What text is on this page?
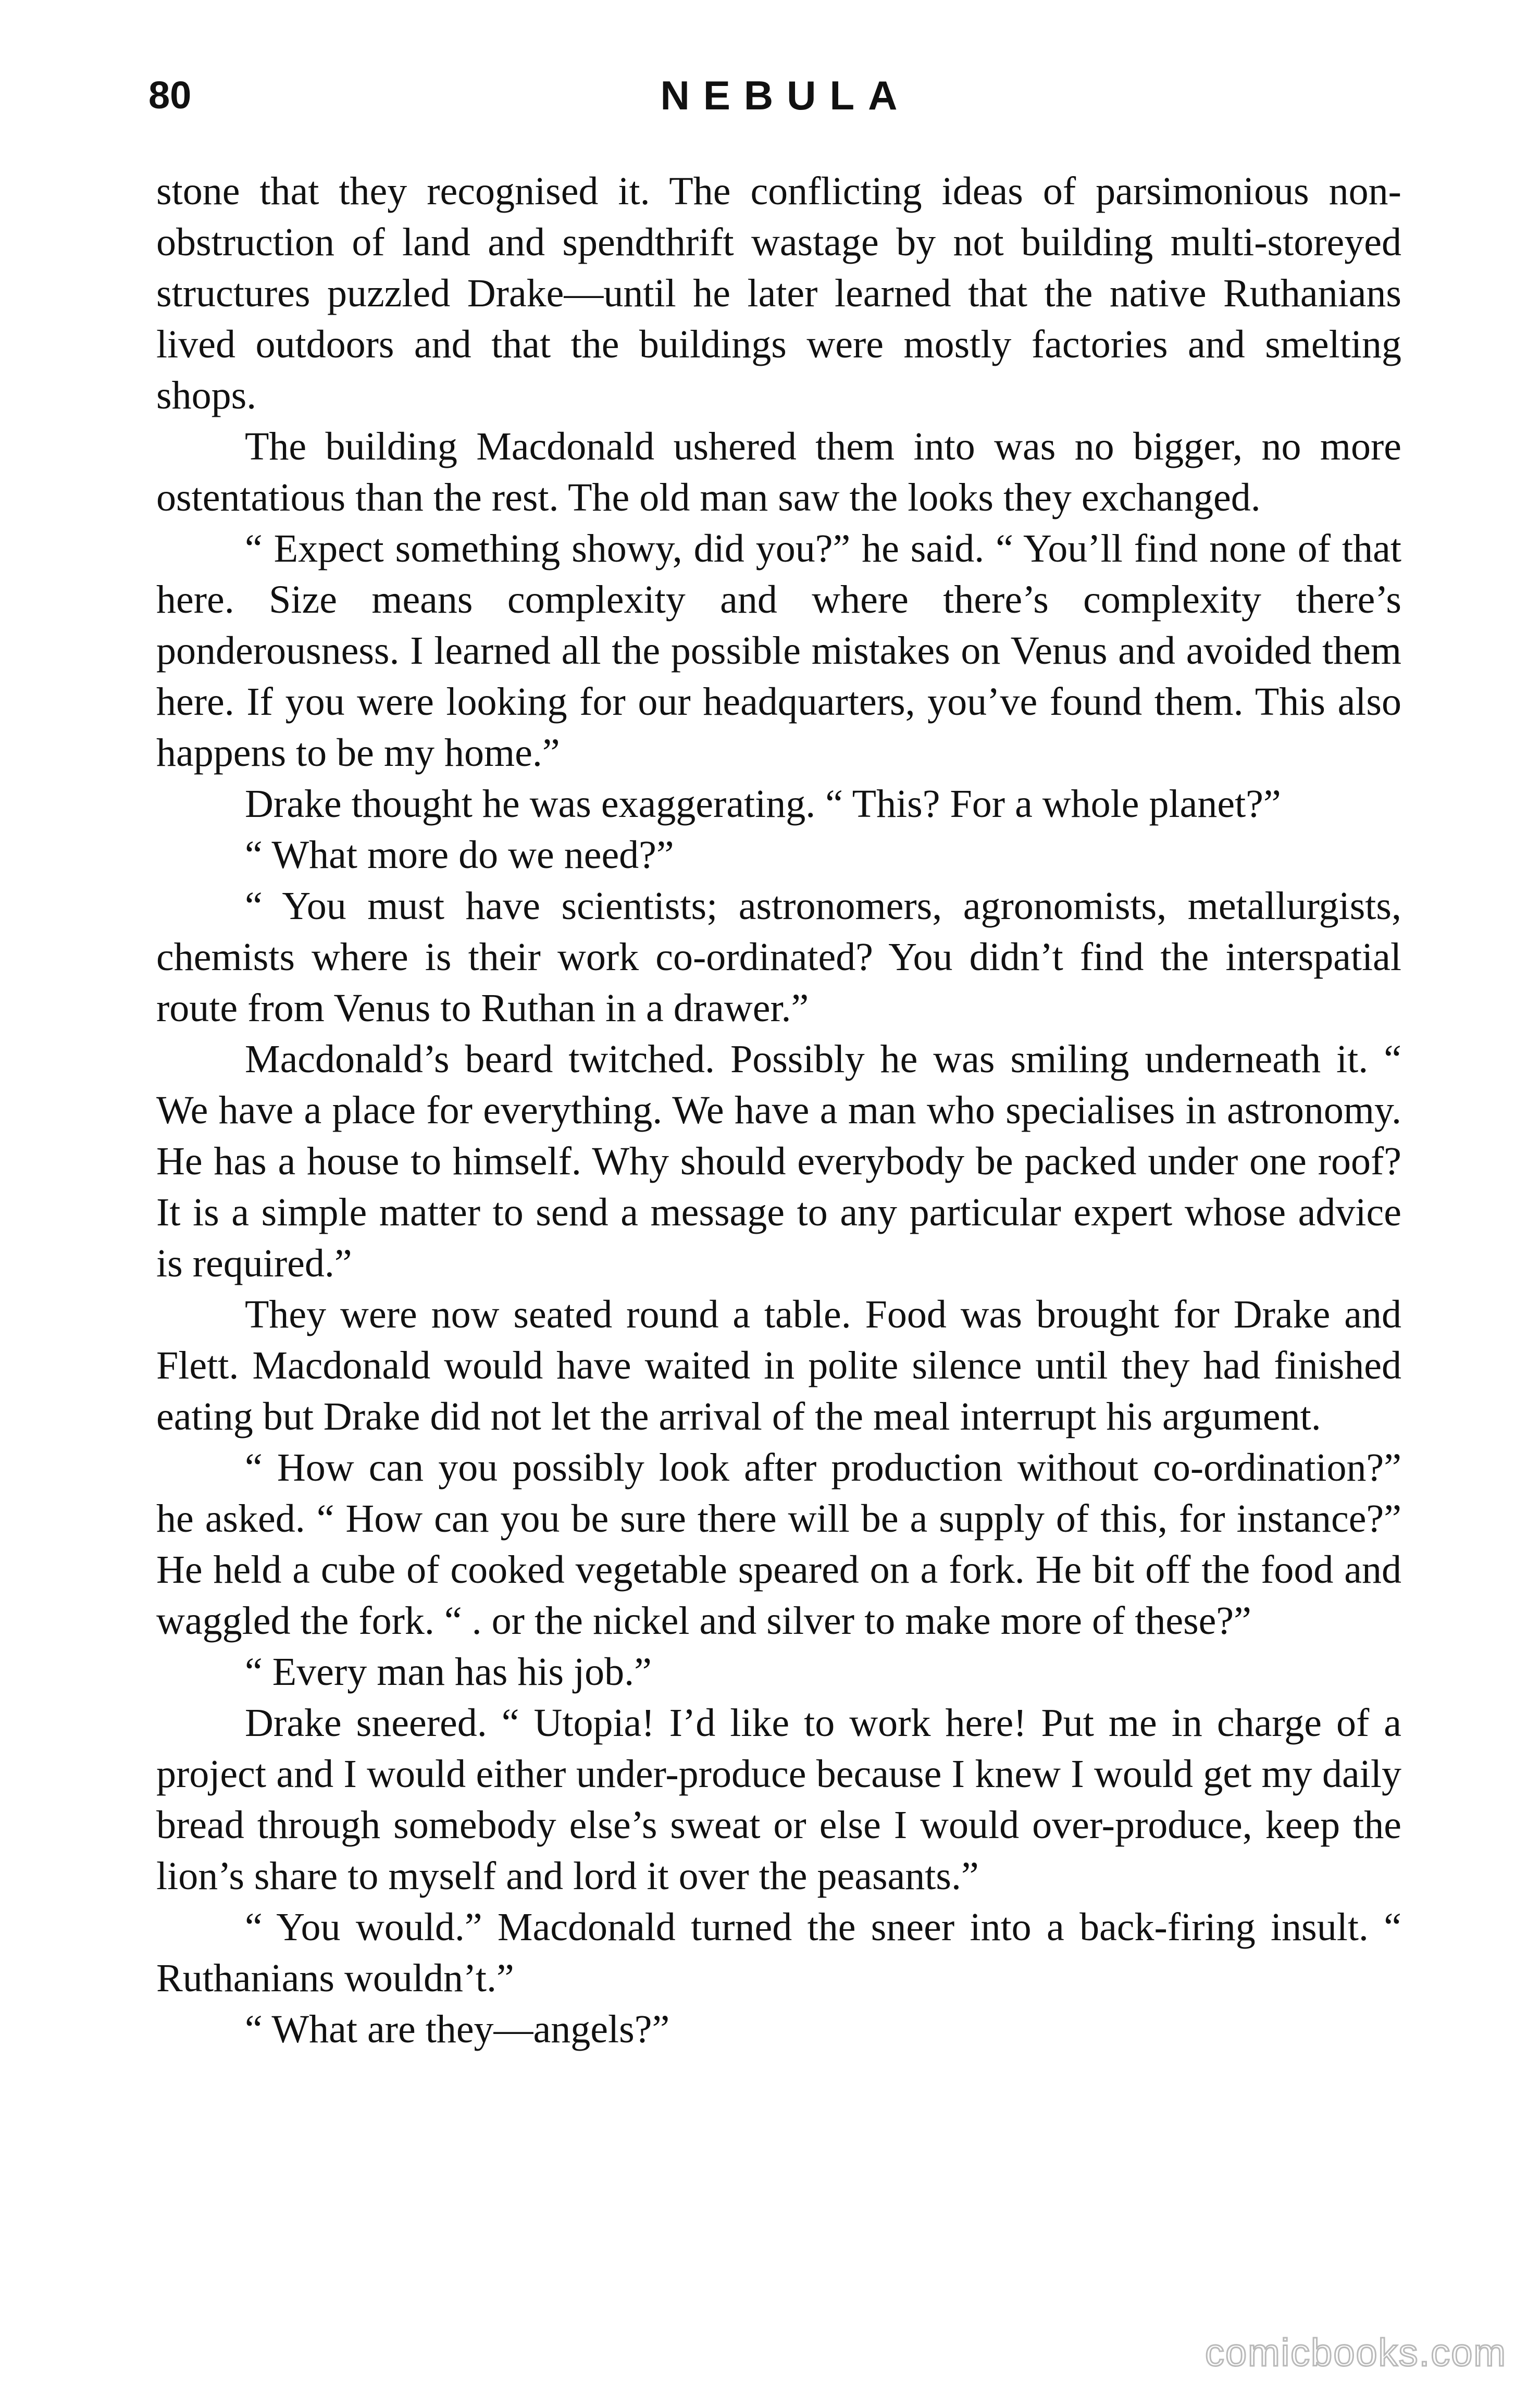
80	NEBULA

stone that they recognised it. The conflicting ideas of parsimonious non-obstruction of land and spendthrift wastage by not building multi-storeyed structures puzzled Drake—until he later learned that the native Ruthanians lived outdoors and that the buildings were mostly factories and smelting shops.

The building Macdonald ushered them into was no bigger, no more ostentatious than the rest. The old man saw the looks they exchanged.

“ Expect something showy, did you?” he said. “ You’ll find none of that here. Size means complexity and where there’s complexity there’s ponderousness. I learned all the possible mistakes on Venus and avoided them here. If you were looking for our headquarters, you’ve found them. This also happens to be my home.”

Drake thought he was exaggerating. “ This? For a whole planet?”

“ What more do we need?”

“ You must have scientists; astronomers, agronomists, metallurgists, chemists where is their work co-ordinated? You didn’t find the interspatial route from Venus to Ruthan in a drawer.”

Macdonald’s beard twitched. Possibly he was smiling underneath it. “ We have a place for everything. We have a man who specialises in astronomy. He has a house to himself. Why should everybody be packed under one roof? It is a simple matter to send a message to any particular expert whose advice is required.”

They were now seated round a table. Food was brought for Drake and Flett. Macdonald would have waited in polite silence until they had finished eating but Drake did not let the arrival of the meal interrupt his argument.

“ How can you possibly look after production without co-ordination?” he asked. “ How can you be sure there will be a supply of this, for instance?” He held a cube of cooked vegetable speared on a fork. He bit off the food and waggled the fork. “ . or the nickel and silver to make more of these?”

“ Every man has his job.”

Drake sneered. “ Utopia! I’d like to work here! Put me in charge of a project and I would either under-produce because I knew I would get my daily bread through somebody else’s sweat or else I would over-produce, keep the lion’s share to myself and lord it over the peasants.”

“ You would.” Macdonald turned the sneer into a back-firing insult. “ Ruthanians wouldn’t.”

“ What are they—angels?”

comicbooks.com
